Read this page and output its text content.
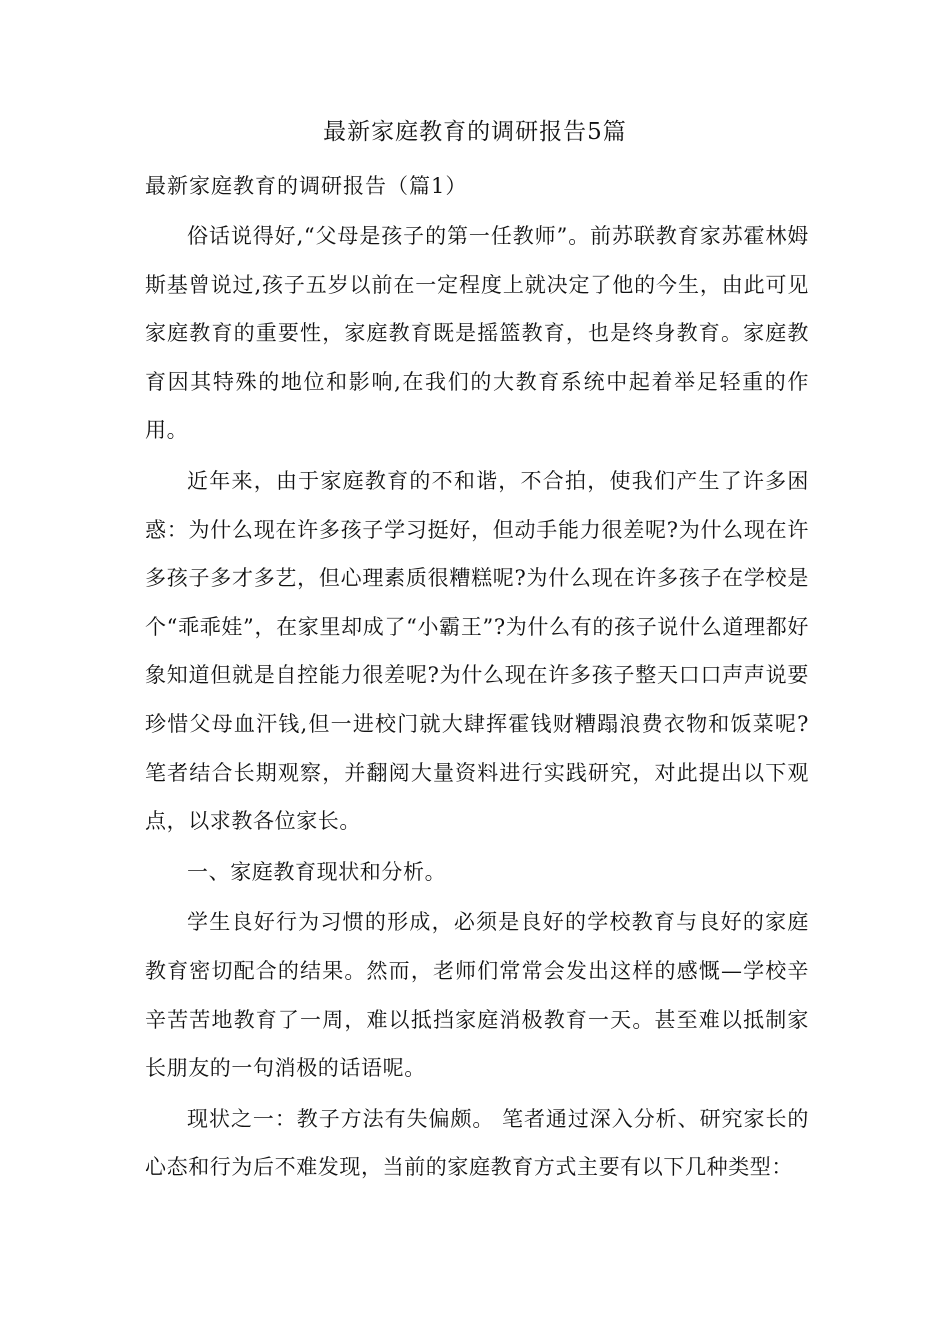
最新家庭教育的调研报告5篇
最新家庭教育的调研报告（篇1）

俗话说得好,“父母是孩子的第一任教师”。前苏联教育家苏霍林姆斯基曾说过,孩子五岁以前在一定程度上就决定了他的今生，由此可见家庭教育的重要性，家庭教育既是摇篮教育，也是终身教育。家庭教育因其特殊的地位和影响,在我们的大教育系统中起着举足轻重的作用。

近年来，由于家庭教育的不和谐，不合拍，使我们产生了许多困惑：为什么现在许多孩子学习挺好，但动手能力很差呢?为什么现在许多孩子多才多艺，但心理素质很糟糕呢?为什么现在许多孩子在学校是个“乖乖娃”，在家里却成了“小霸王”?为什么有的孩子说什么道理都好象知道但就是自控能力很差呢?为什么现在许多孩子整天口口声声说要珍惜父母血汗钱,但一进校门就大肆挥霍钱财糟蹋浪费衣物和饭菜呢?笔者结合长期观察，并翻阅大量资料进行实践研究，对此提出以下观点，以求教各位家长。

一、家庭教育现状和分析。

学生良好行为习惯的形成，必须是良好的学校教育与良好的家庭教育密切配合的结果。然而，老师们常常会发出这样的感慨—学校辛辛苦苦地教育了一周，难以抵挡家庭消极教育一天。甚至难以抵制家长朋友的一句消极的话语呢。

现状之一：教子方法有失偏颇。 笔者通过深入分析、研究家长的心态和行为后不难发现，当前的家庭教育方式主要有以下几种类型：
